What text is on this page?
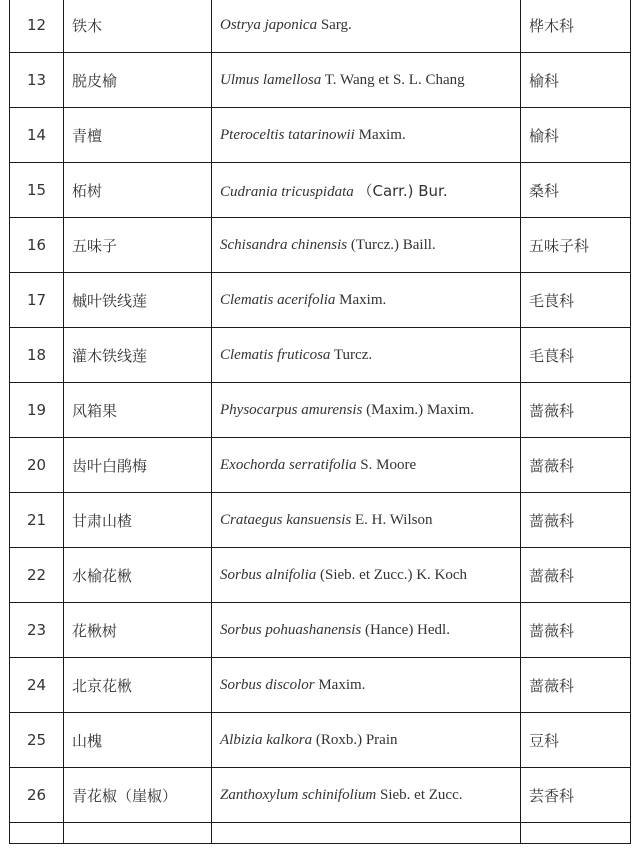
12	铁木	Ostrya japonica Sarg.	桦木科
13	脱皮榆	Ulmus lamellosa T. Wang et S. L. Chang	榆科
14	青檀	Pteroceltis tatarinowii Maxim.	榆科
15	柘树	Cudrania tricuspidata （Carr.) Bur.	桑科
16	五味子	Schisandra chinensis (Turcz.) Baill.	五味子科
17	槭叶铁线莲	Clematis acerifolia Maxim.	毛茛科
18	灌木铁线莲	Clematis fruticosa Turcz.	毛茛科
19	风箱果	Physocarpus amurensis (Maxim.) Maxim.	蔷薇科
20	齿叶白鹃梅	Exochorda serratifolia S. Moore	蔷薇科
21	甘肃山楂	Crataegus kansuensis E. H. Wilson	蔷薇科
22	水榆花楸	Sorbus alnifolia (Sieb. et Zucc.) K. Koch	蔷薇科
23	花楸树	Sorbus pohuashanensis (Hance) Hedl.	蔷薇科
24	北京花楸	Sorbus discolor Maxim.	蔷薇科
25	山槐	Albizia kalkora (Roxb.) Prain	豆科
26	青花椒（崖椒）	Zanthoxylum schinifolium Sieb. et Zucc.	芸香科
